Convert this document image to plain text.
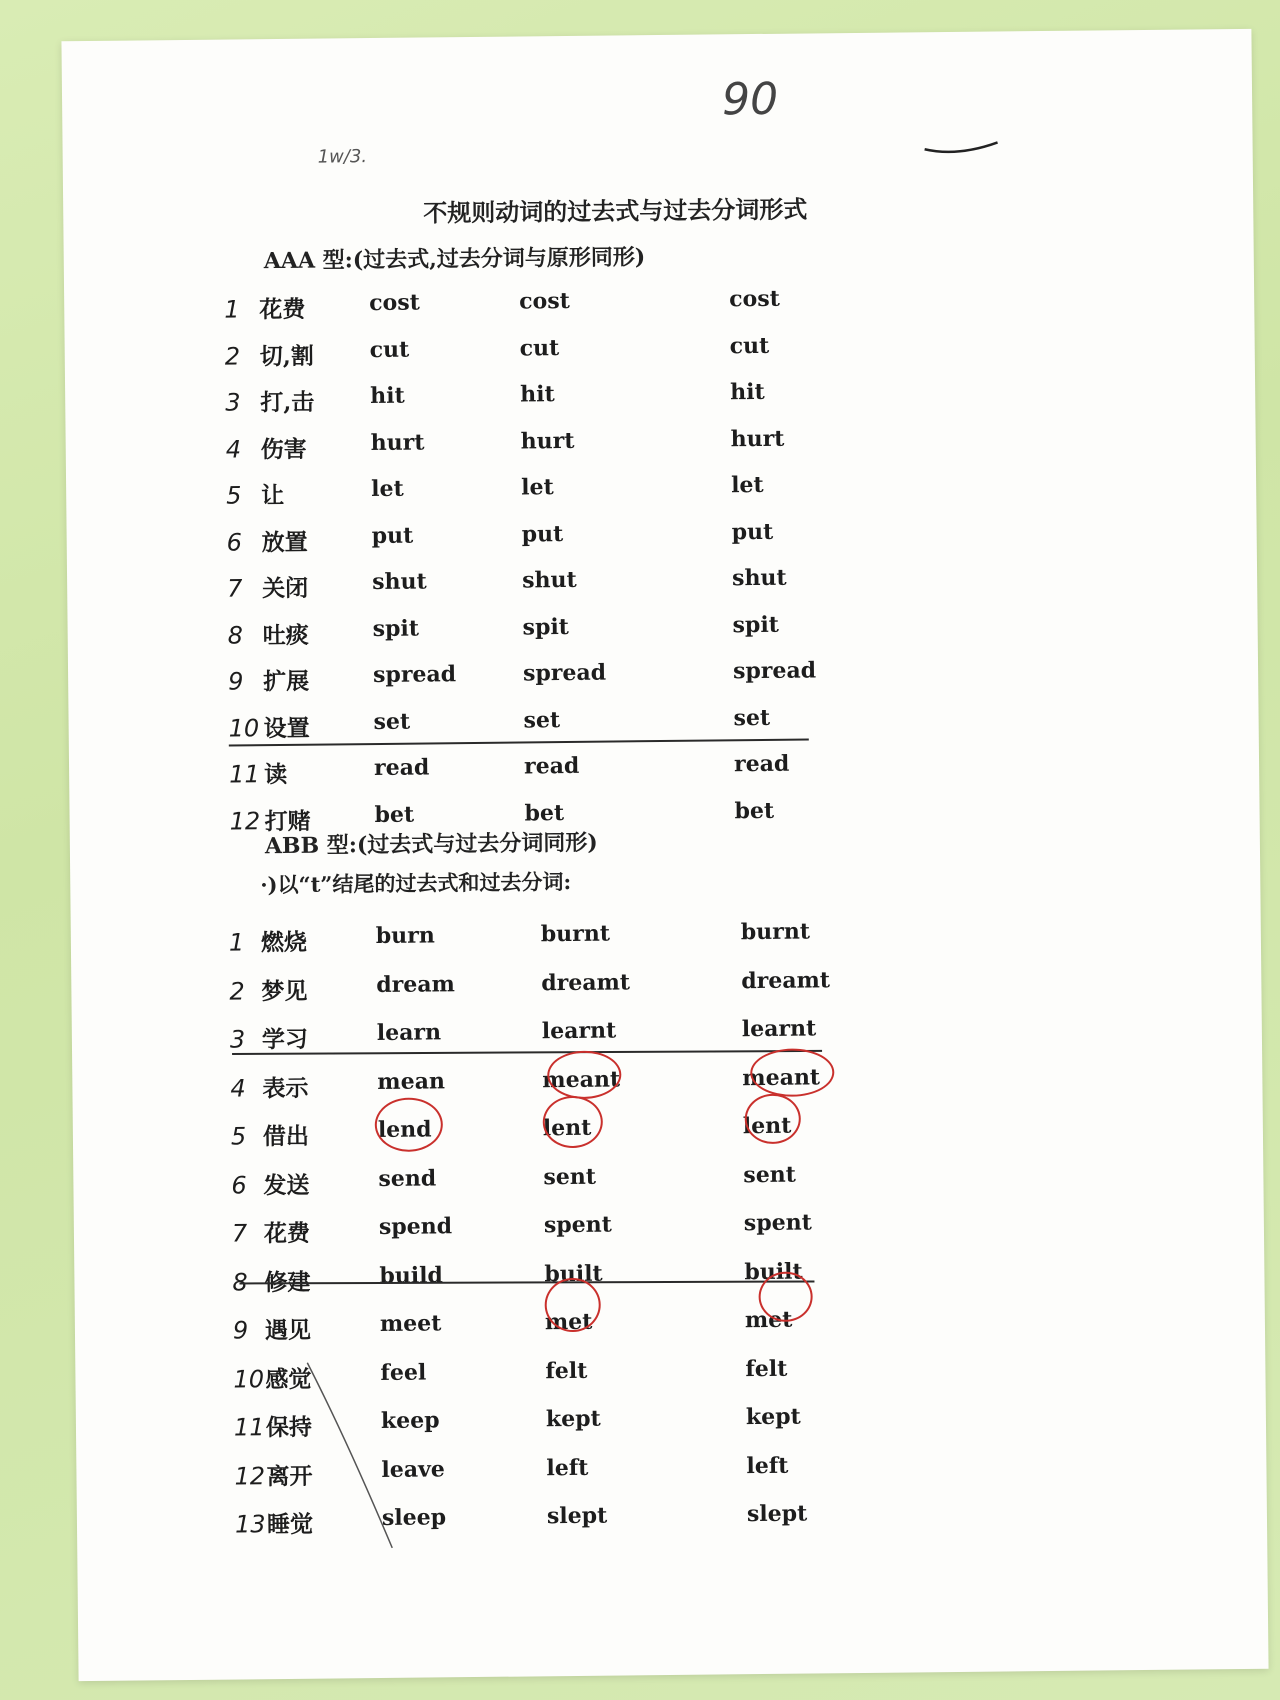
90
1w/3.
不规则动词的过去式与过去分词形式
AAA 型:(过去式,过去分词与原形同形)
1 花费	cost	cost	cost
2 切,割	cut	cut	cut
3 打,击	hit	hit	hit
4 伤害	hurt	hurt	hurt
5 让	let	let	let
6 放置	put	put	put
7 关闭	shut	shut	shut
8 吐痰	spit	spit	spit
9 扩展	spread	spread	spread
10 设置	set	set	set
11 读	read	read	read
12 打赌	bet	bet	bet
ABB 型:(过去式与过去分词同形)
·)以“t”结尾的过去式和过去分词:
1 燃烧	burn	burnt	burnt
2 梦见	dream	dreamt	dreamt
3 学习	learn	learnt	learnt
4 表示	mean	meant	meant
5 借出	lend	lent	lent
6 发送	send	sent	sent
7 花费	spend	spent	spent
8 修建	build	built	built
9 遇见	meet	met	met
10 感觉	feel	felt	felt
11 保持	keep	kept	kept
12 离开	leave	left	left
13 睡觉	sleep	slept	slept
